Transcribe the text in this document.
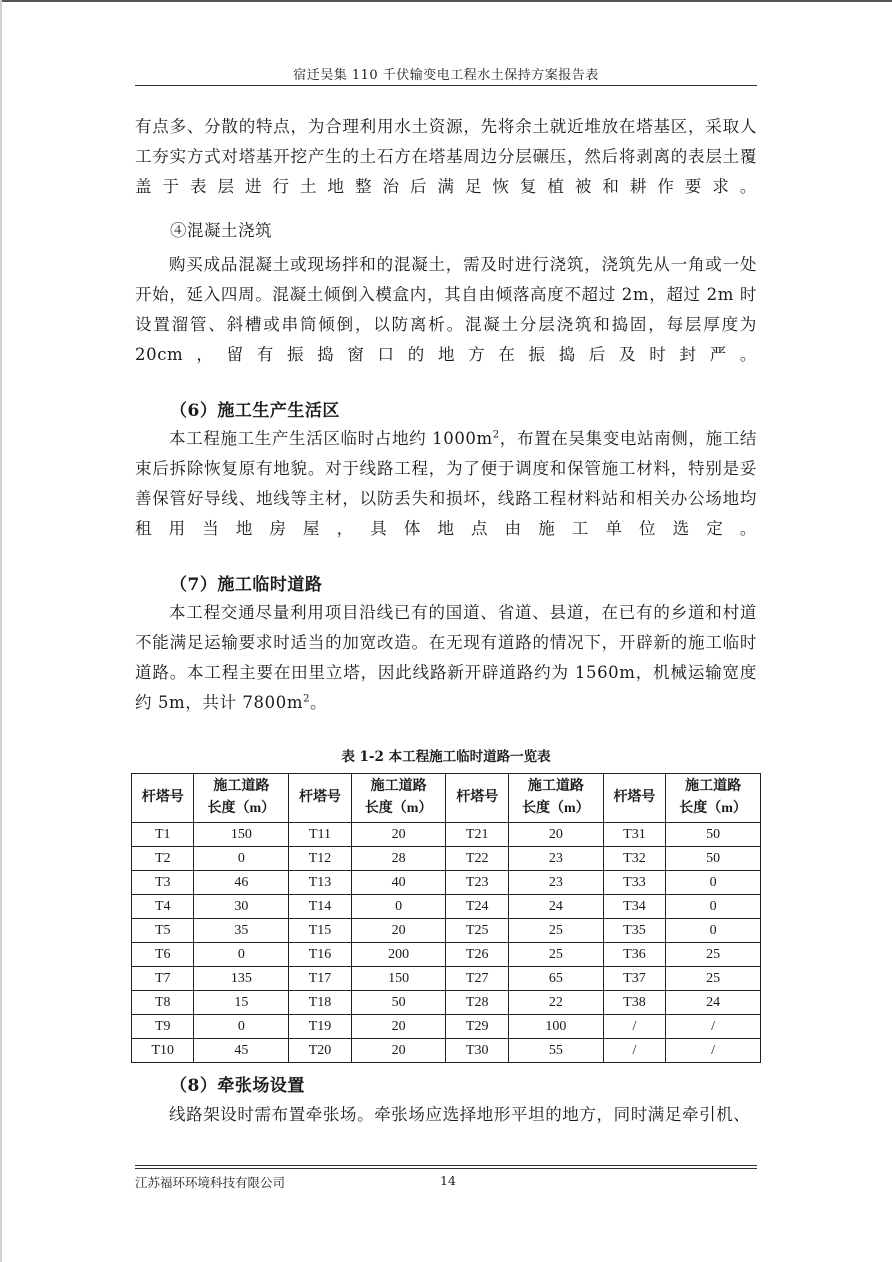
宿迁吴集 110 千伏输变电工程水土保持方案报告表
有点多、分散的特点，为合理利用水土资源，先将余土就近堆放在塔基区，采取人工夯实方式对塔基开挖产生的土石方在塔基周边分层碾压，然后将剥离的表层土覆盖于表层进行土地整治后满足恢复植被和耕作要求。
④混凝土浇筑
购买成品混凝土或现场拌和的混凝土，需及时进行浇筑，浇筑先从一角或一处开始，延入四周。混凝土倾倒入模盒内，其自由倾落高度不超过 2m，超过 2m 时设置溜管、斜槽或串筒倾倒，以防离析。混凝土分层浇筑和捣固，每层厚度为 20cm，留有振捣窗口的地方在振捣后及时封严。
（6）施工生产生活区
本工程施工生产生活区临时占地约 $1000m^2$，布置在吴集变电站南侧，施工结束后拆除恢复原有地貌。对于线路工程，为了便于调度和保管施工材料，特别是妥善保管好导线、地线等主材，以防丢失和损坏，线路工程材料站和相关办公场地均租用当地房屋，具体地点由施工单位选定。
（7）施工临时道路
本工程交通尽量利用项目沿线已有的国道、省道、县道，在已有的乡道和村道不能满足运输要求时适当的加宽改造。在无现有道路的情况下，开辟新的施工临时道路。本工程主要在田里立塔，因此线路新开辟道路约为 1560m，机械运输宽度约 5m，共计 $7800m^2$。
表 1-2 本工程施工临时道路一览表
杆塔号	施工道路
长度（m）	杆塔号	施工道路
长度（m）	杆塔号	施工道路
长度（m）	杆塔号	施工道路
长度（m）
T1	150	T11	20	T21	20	T31	50
T2	0	T12	28	T22	23	T32	50
T3	46	T13	40	T23	23	T33	0
T4	30	T14	0	T24	24	T34	0
T5	35	T15	20	T25	25	T35	0
T6	0	T16	200	T26	25	T36	25
T7	135	T17	150	T27	65	T37	25
T8	15	T18	50	T28	22	T38	24
T9	0	T19	20	T29	100	/	/
T10	45	T20	20	T30	55	/	/
（8）牵张场设置
线路架设时需布置牵张场。牵张场应选择地形平坦的地方，同时满足牵引机、
江苏福环环境科技有限公司	14
